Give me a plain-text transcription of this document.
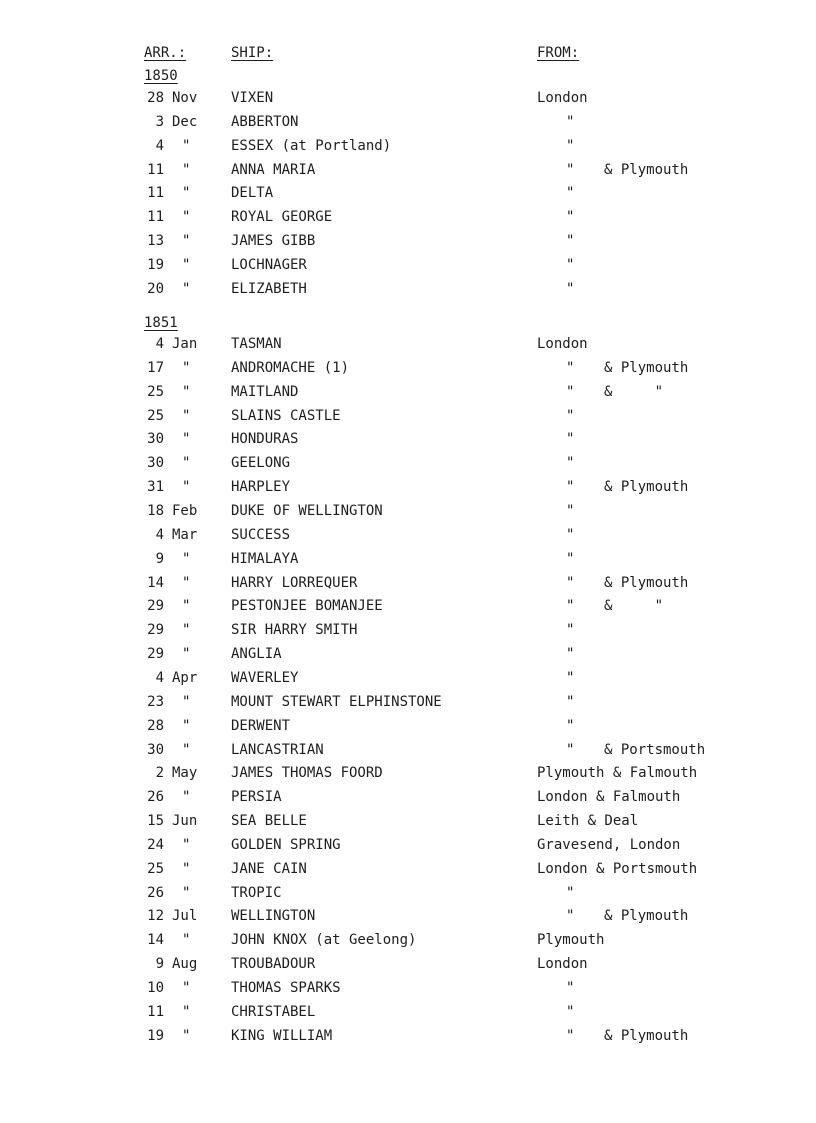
ARR.:	SHIP:	FROM:
1850
28 Nov VIXEN	London
3 Dec ABBERTON	"
4 "	ESSEX (at Portland)	"
11 "	ANNA MARIA	" & Plymouth
11 "	DELTA	"
11 "	ROYAL GEORGE	"
13 "	JAMES GIBB	"
19 "	LOCHNAGER	"
20 "	ELIZABETH	"
1851
4 Jan TASMAN	London
17 "	ANDROMACHE (1)	" & Plymouth
25 "	MAITLAND	" &     "
25 "	SLAINS CASTLE	"
30 "	HONDURAS	"
30 "	GEELONG	"
31 "	HARPLEY	" & Plymouth
18 Feb DUKE OF WELLINGTON	"
4 Mar SUCCESS	"
9 "	HIMALAYA	"
14 "	HARRY LORREQUER	" & Plymouth
29 "	PESTONJEE BOMANJEE	" &     "
29 "	SIR HARRY SMITH	"
29 "	ANGLIA	"
4 Apr WAVERLEY	"
23 "	MOUNT STEWART ELPHINSTONE	"
28 "	DERWENT	"
30 "	LANCASTRIAN	" & Portsmouth
2 May JAMES THOMAS FOORD	Plymouth & Falmouth
26 "	PERSIA	London & Falmouth
15 Jun SEA BELLE	Leith & Deal
24 "	GOLDEN SPRING	Gravesend, London
25 "	JANE CAIN	London & Portsmouth
26 "	TROPIC	"
12 Jul WELLINGTON	" & Plymouth
14 "	JOHN KNOX (at Geelong)	Plymouth
9 Aug TROUBADOUR	London
10 "	THOMAS SPARKS	"
11 "	CHRISTABEL	"
19 "	KING WILLIAM	" & Plymouth
